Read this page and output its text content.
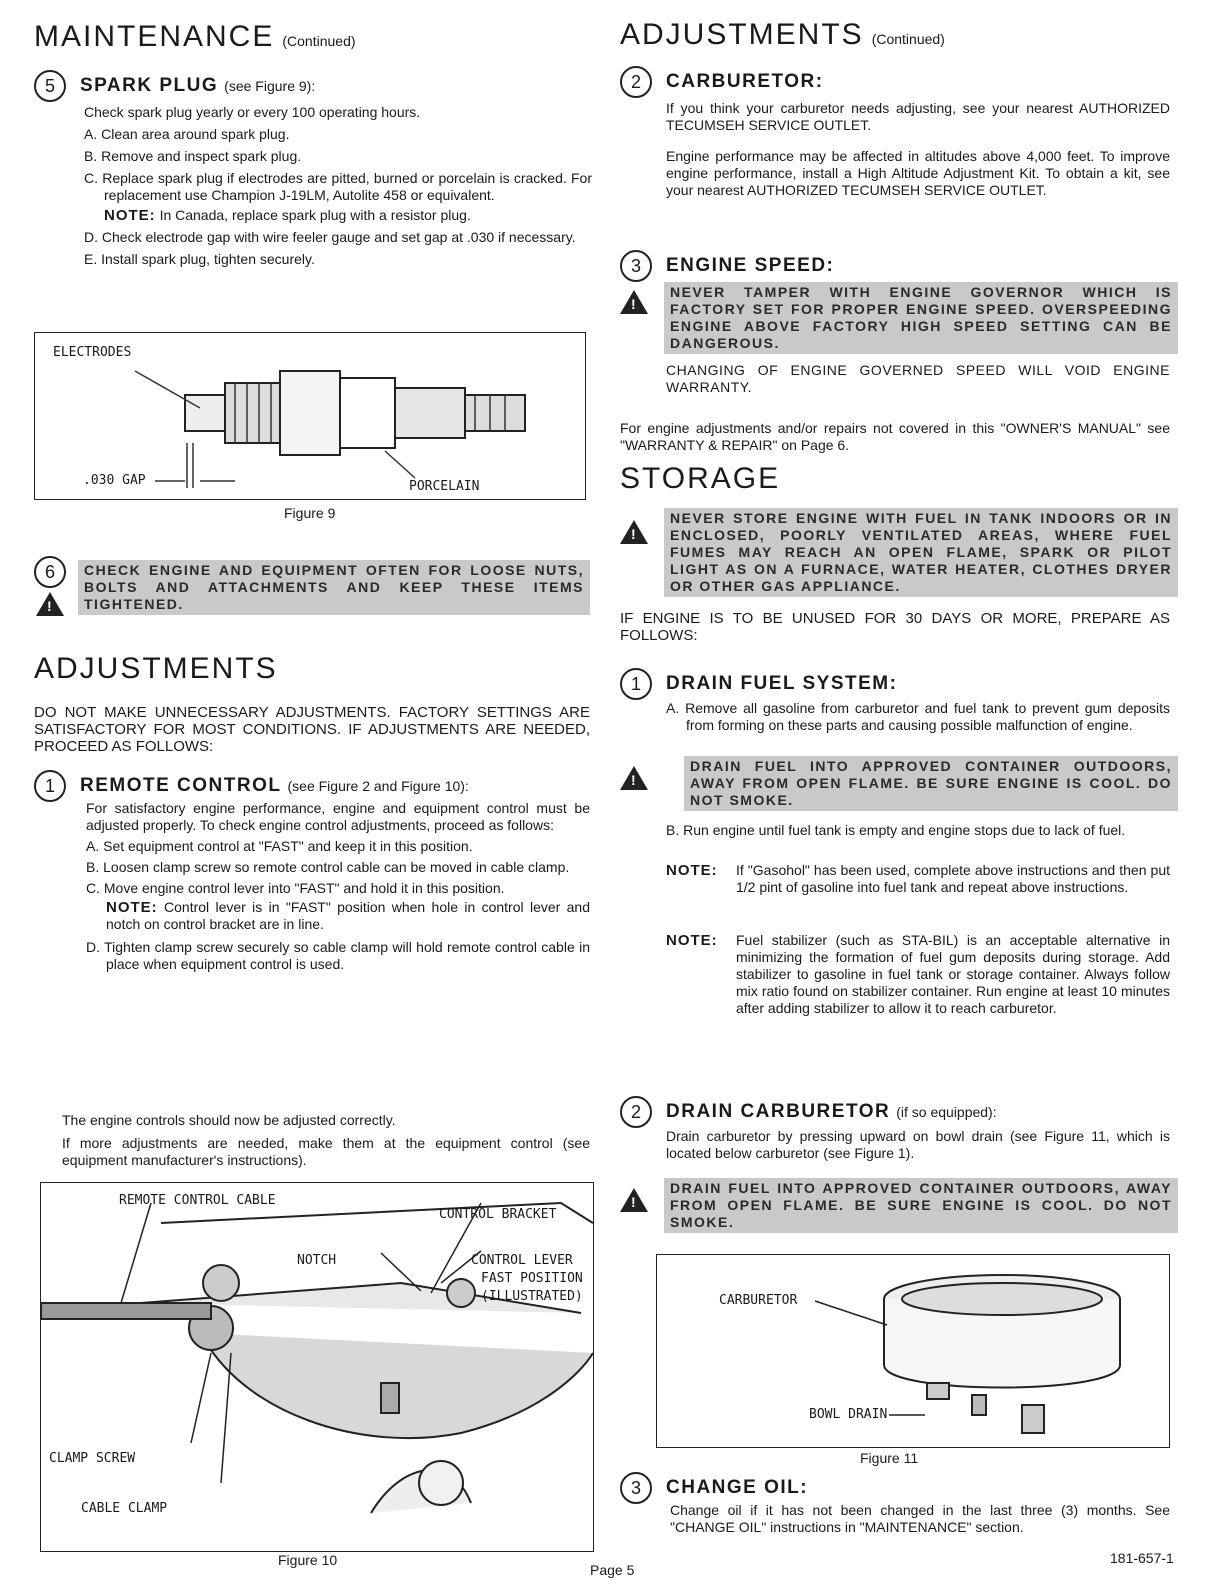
MAINTENANCE (Continued)
5 SPARK PLUG (see Figure 9):
Check spark plug yearly or every 100 operating hours.
A. Clean area around spark plug.
B. Remove and inspect spark plug.
C. Replace spark plug if electrodes are pitted, burned or porcelain is cracked. For replacement use Champion J-19LM, Autolite 458 or equivalent.
NOTE: In Canada, replace spark plug with a resistor plug.
D. Check electrode gap with wire feeler gauge and set gap at .030 if necessary.
E. Install spark plug, tighten securely.
ELECTRODES
.030 GAP	PORCELAIN
Figure 9
6
!	CHECK ENGINE AND EQUIPMENT OFTEN FOR LOOSE NUTS, BOLTS AND ATTACHMENTS AND KEEP THESE ITEMS TIGHTENED.
ADJUSTMENTS
DO NOT MAKE UNNECESSARY ADJUSTMENTS. FACTORY SETTINGS ARE SATISFACTORY FOR MOST CONDITIONS. IF ADJUSTMENTS ARE NEEDED, PROCEED AS FOLLOWS:
1 REMOTE CONTROL (see Figure 2 and Figure 10):
For satisfactory engine performance, engine and equipment control must be adjusted properly. To check engine control adjustments, proceed as follows:
A. Set equipment control at "FAST" and keep it in this position.
B. Loosen clamp screw so remote control cable can be moved in cable clamp.
C. Move engine control lever into "FAST" and hold it in this position.
NOTE: Control lever is in "FAST" position when hole in control lever and notch on control bracket are in line.
D. Tighten clamp screw securely so cable clamp will hold remote control cable in place when equipment control is used.
The engine controls should now be adjusted correctly.
If more adjustments are needed, make them at the equipment control (see equipment manufacturer's instructions).
REMOTE CONTROL CABLE
CONTROL BRACKET
NOTCH	CONTROL LEVER
FAST POSITION
(ILLUSTRATED)
CLAMP SCREW
CABLE CLAMP
Figure 10
ADJUSTMENTS (Continued)
2 CARBURETOR:
If you think your carburetor needs adjusting, see your nearest AUTHORIZED TECUMSEH SERVICE OUTLET.
Engine performance may be affected in altitudes above 4,000 feet. To improve engine performance, install a High Altitude Adjustment Kit. To obtain a kit, see your nearest AUTHORIZED TECUMSEH SERVICE OUTLET.
3 ENGINE SPEED:
!
NEVER TAMPER WITH ENGINE GOVERNOR WHICH IS FACTORY SET FOR PROPER ENGINE SPEED. OVERSPEEDING ENGINE ABOVE FACTORY HIGH SPEED SETTING CAN BE DANGEROUS.
CHANGING OF ENGINE GOVERNED SPEED WILL VOID ENGINE WARRANTY.
For engine adjustments and/or repairs not covered in this "OWNER'S MANUAL" see "WARRANTY & REPAIR" on Page 6.
STORAGE
!
NEVER STORE ENGINE WITH FUEL IN TANK INDOORS OR IN ENCLOSED, POORLY VENTILATED AREAS, WHERE FUEL FUMES MAY REACH AN OPEN FLAME, SPARK OR PILOT LIGHT AS ON A FURNACE, WATER HEATER, CLOTHES DRYER OR OTHER GAS APPLIANCE.
IF ENGINE IS TO BE UNUSED FOR 30 DAYS OR MORE, PREPARE AS FOLLOWS:
1 DRAIN FUEL SYSTEM:
A. Remove all gasoline from carburetor and fuel tank to prevent gum deposits from forming on these parts and causing possible malfunction of engine.
!
DRAIN FUEL INTO APPROVED CONTAINER OUTDOORS, AWAY FROM OPEN FLAME. BE SURE ENGINE IS COOL. DO NOT SMOKE.
B. Run engine until fuel tank is empty and engine stops due to lack of fuel.
NOTE: If "Gasohol" has been used, complete above instructions and then put 1/2 pint of gasoline into fuel tank and repeat above instructions.
NOTE: Fuel stabilizer (such as STA-BIL) is an acceptable alternative in minimizing the formation of fuel gum deposits during storage. Add stabilizer to gasoline in fuel tank or storage container. Always follow mix ratio found on stabilizer container. Run engine at least 10 minutes after adding stabilizer to allow it to reach carburetor.
2 DRAIN CARBURETOR (if so equipped):
Drain carburetor by pressing upward on bowl drain (see Figure 11, which is located below carburetor (see Figure 1).
!
DRAIN FUEL INTO APPROVED CONTAINER OUTDOORS, AWAY FROM OPEN FLAME. BE SURE ENGINE IS COOL. DO NOT SMOKE.
CARBURETOR
BOWL DRAIN
Figure 11
3 CHANGE OIL:
Change oil if it has not been changed in the last three (3) months. See "CHANGE OIL" instructions in "MAINTENANCE" section.
Page 5
181-657-1
